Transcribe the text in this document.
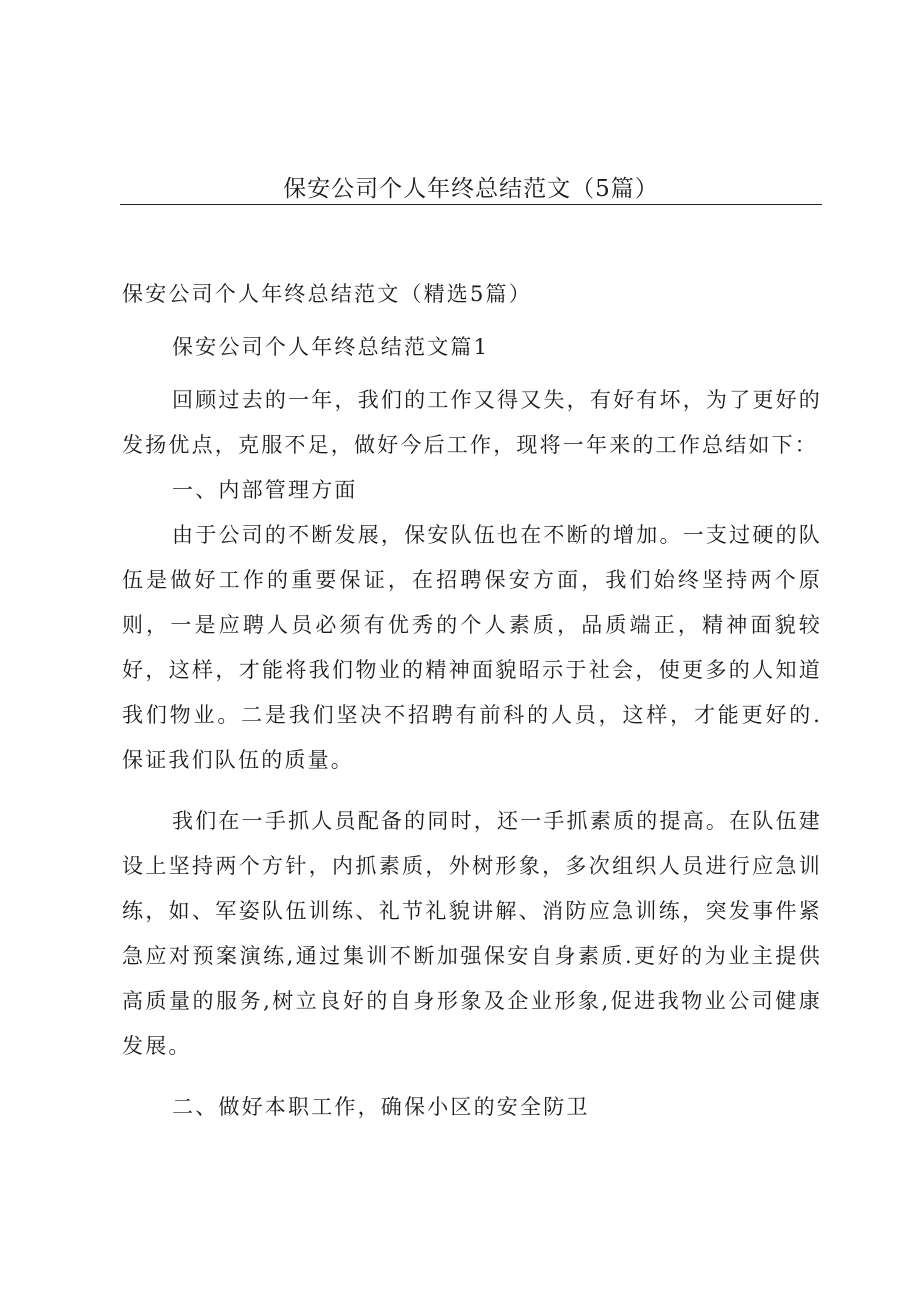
保安公司个人年终总结范文（5篇）

保安公司个人年终总结范文（精选5篇）

保安公司个人年终总结范文篇1

回顾过去的一年，我们的工作又得又失，有好有坏，为了更好的发扬优点，克服不足，做好今后工作，现将一年来的工作总结如下：

一、内部管理方面

由于公司的不断发展，保安队伍也在不断的增加。一支过硬的队伍是做好工作的重要保证，在招聘保安方面，我们始终坚持两个原则，一是应聘人员必须有优秀的个人素质，品质端正，精神面貌较好，这样，才能将我们物业的精神面貌昭示于社会，使更多的人知道我们物业。二是我们坚决不招聘有前科的人员，这样，才能更好的.保证我们队伍的质量。

我们在一手抓人员配备的同时，还一手抓素质的提高。在队伍建设上坚持两个方针，内抓素质，外树形象，多次组织人员进行应急训练，如、军姿队伍训练、礼节礼貌讲解、消防应急训练，突发事件紧急应对预案演练,通过集训不断加强保安自身素质.更好的为业主提供高质量的服务,树立良好的自身形象及企业形象,促进我物业公司健康发展。

二、做好本职工作，确保小区的安全防卫
